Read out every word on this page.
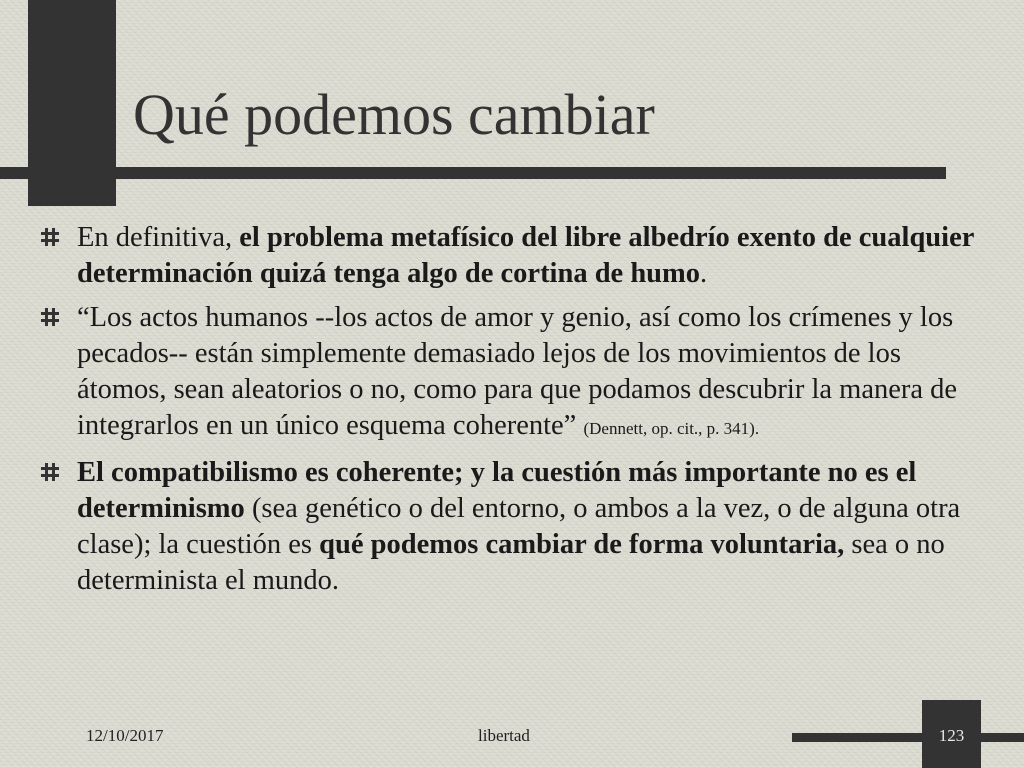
Qué podemos cambiar
En definitiva, el problema metafísico del libre albedrío exento de cualquier determinación quizá tenga algo de cortina de humo.
“Los actos humanos --los actos de amor y genio, así como los crímenes y los pecados-- están simplemente demasiado lejos de los movimientos de los átomos, sean aleatorios o no, como para que podamos descubrir la manera de integrarlos en un único esquema coherente” (Dennett, op. cit., p. 341).
El compatibilismo es coherente; y la cuestión más importante no es el determinismo (sea genético o del entorno, o ambos a la vez, o de alguna otra clase); la cuestión es qué podemos cambiar de forma voluntaria, sea o no determinista el mundo.
12/10/2017	libertad	123
